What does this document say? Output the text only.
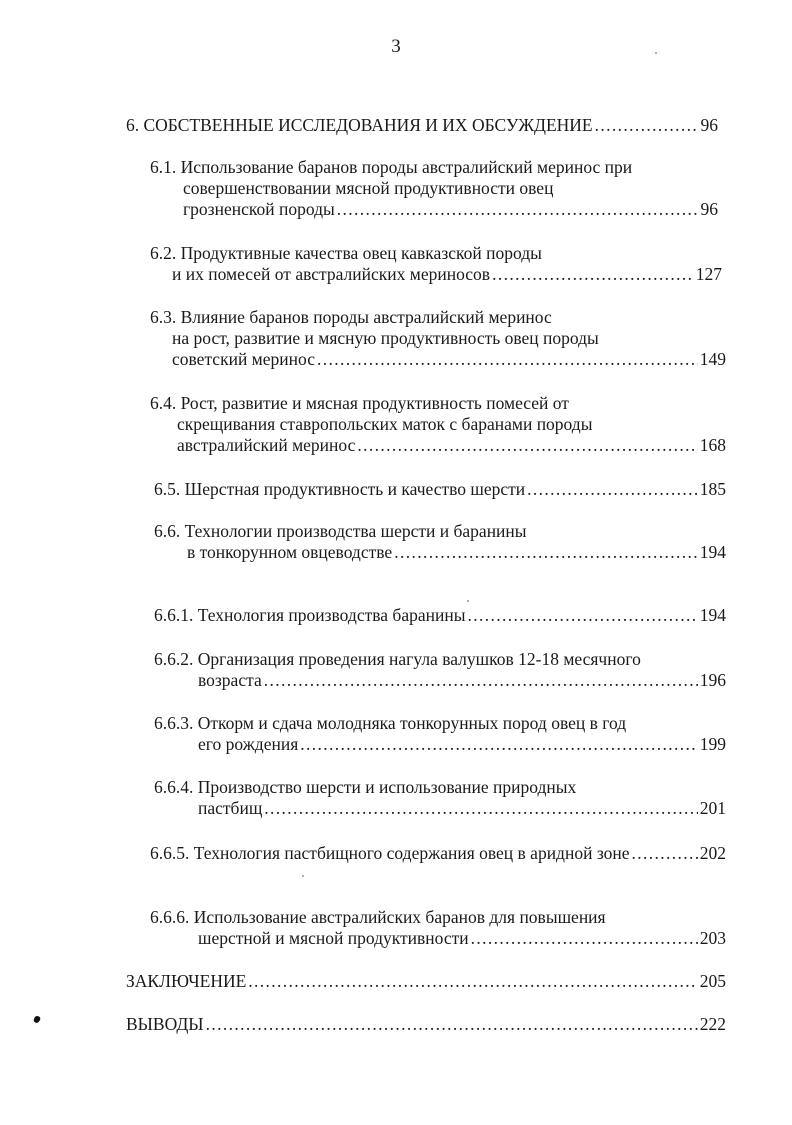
3
6. СОБСТВЕННЫЕ ИССЛЕДОВАНИЯ И ИХ ОБСУЖДЕНИЕ . . .	96
6.1. Использование баранов породы австралийский меринос при
совершенствовании мясной продуктивности овец
грозненской породы . . .	96
6.2. Продуктивные качества овец кавказской породы
и их помесей от австралийских мериносов . . .	127
6.3. Влияние баранов породы австралийский меринос
на рост, развитие и мясную продуктивность овец породы
советский меринос . . .	149
6.4. Рост, развитие и мясная продуктивность помесей от
скрещивания ставропольских маток с баранами породы
австралийский меринос . . .	168
6.5. Шерстная продуктивность и качество шерсти . . .	185
6.6. Технологии производства шерсти и баранины
в тонкорунном овцеводстве . . .	194
6.6.1. Технология производства баранины . . .	194
6.6.2. Организация проведения нагула валушков 12-18 месячного
возраста . . .	196
6.6.3. Откорм и сдача молодняка тонкорунных пород овец в год
его рождения . . .	199
6.6.4. Производство шерсти и использование природных
пастбищ . . .	201
6.6.5. Технология пастбищного содержания овец в аридной зоне . . .	202
6.6.6. Использование австралийских баранов для повышения
шерстной и мясной продуктивности . . .	203
ЗАКЛЮЧЕНИЕ . . .	205
ВЫВОДЫ . . .	222
